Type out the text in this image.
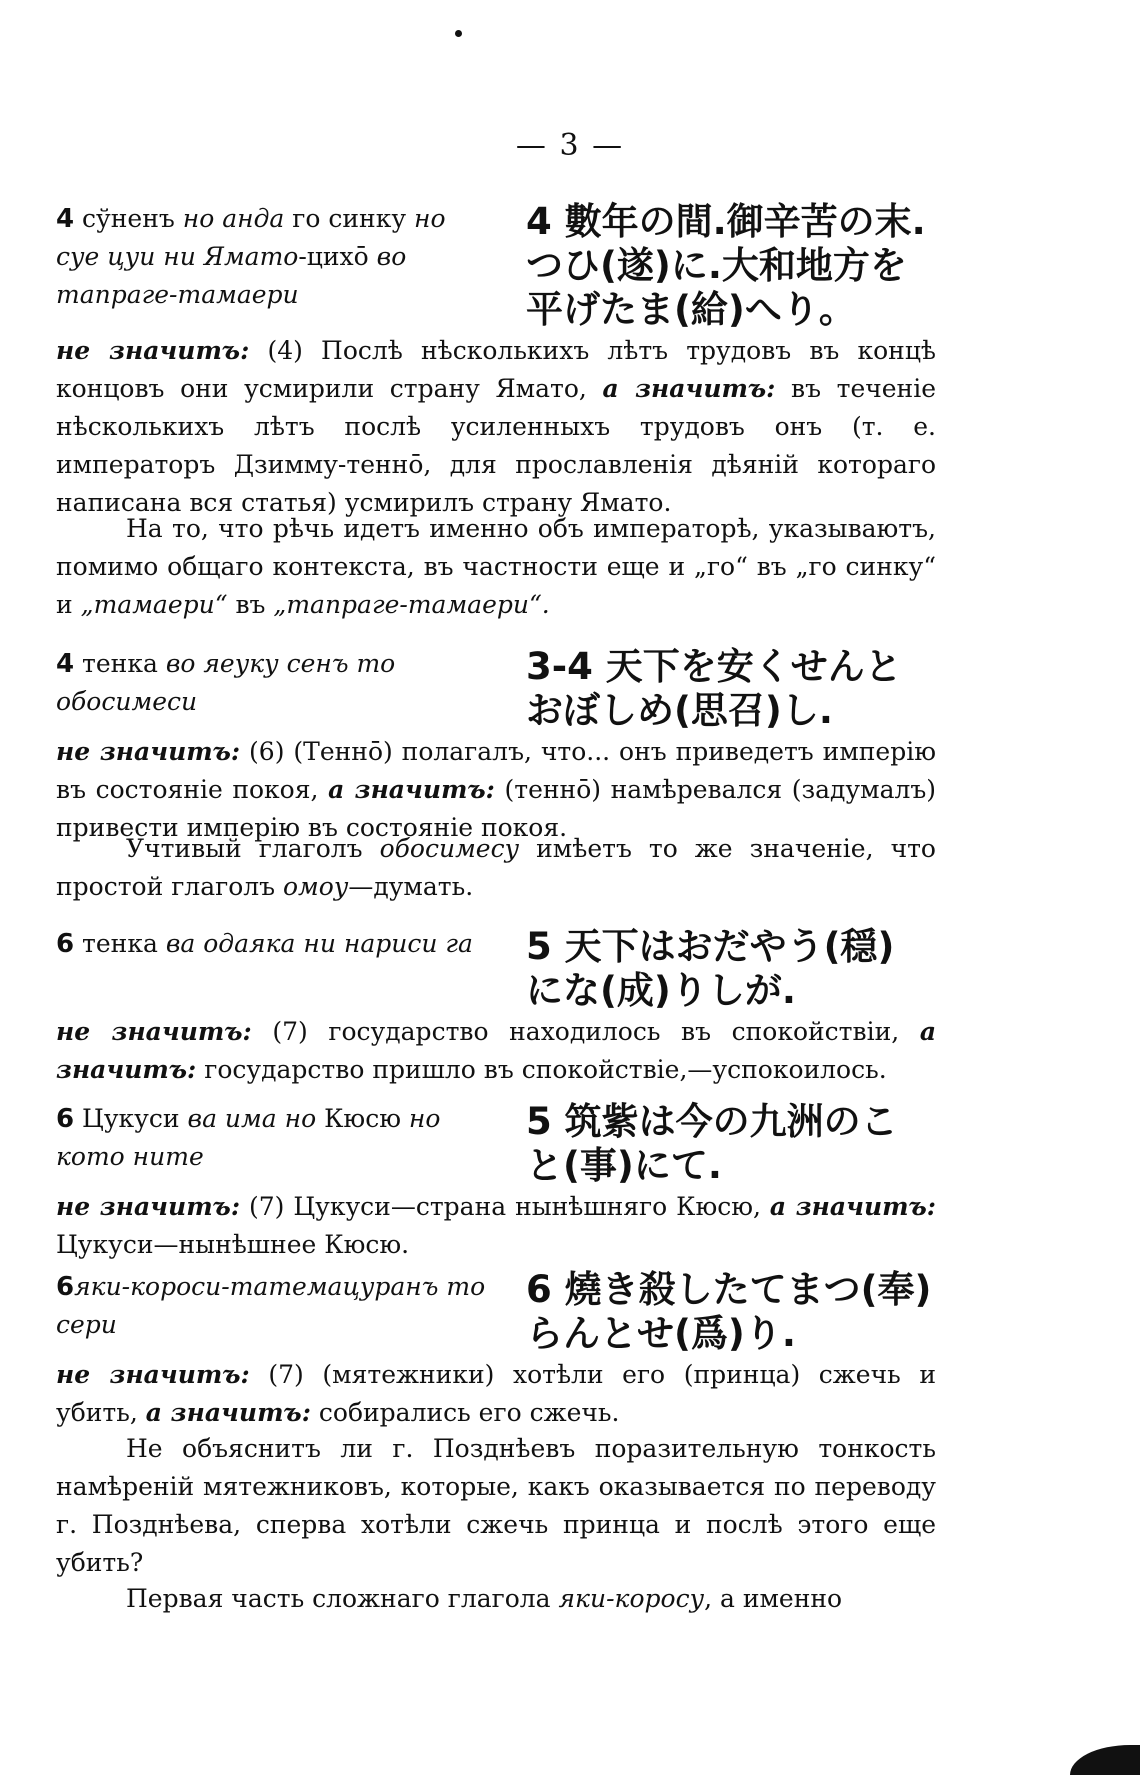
— 3 —
4 сўненъ но анда го синку но суе цуи ни Ямато-цихō во тапраге-тамаери
4 數年の間.御辛苦の末.
つひ(遂)に.大和地方を
平げたま(給)へり。

не значитъ: (4) Послѣ нѣсколькихъ лѣтъ трудовъ въ концѣ концовъ они усмирили страну Ямато, а значитъ: въ теченіе нѣсколькихъ лѣтъ послѣ усиленныхъ трудовъ онъ (т. е. императоръ Дзимму-теннō, для прославленія дѣяній котораго написана вся статья) усмирилъ страну Ямато.

На то, что рѣчь идетъ именно объ императорѣ, указываютъ, помимо общаго контекста, въ частности еще и „го“ въ „го синку“ и „тамаери“ въ „тапраге-тамаери“.

4 тенка во яеуку сенъ то обосимеси
3-4 天下を安くせんと
おぼしめ(思召)し.

не значитъ: (6) (Теннō) полагалъ, что... онъ приведетъ имперію въ состояніе покоя, а значитъ: (теннō) намѣревался (задумалъ) привести имперію въ состояніе покоя.

Учтивый глаголъ обосимесу имѣетъ то же значеніе, что простой глаголъ омоу—думать.

6 тенка ва одаяка ни нариси га	5 天下はおだやう(穏)
にな(成)りしが.

не значитъ: (7) государство находилось въ спокойствіи, а значитъ: государство пришло въ спокойствіе,—успокоилось.

6 Цукуси ва има но Кюсю но кото ните
5 筑紫は今の九洲のこ
と(事)にて.

не значитъ: (7) Цукуси—страна нынѣшняго Кюсю, а значитъ: Цукуси—нынѣшнее Кюсю.

6яки-короси-татемацуранъ то сери
6 燒き殺したてまつ(奉)
らんとせ(爲)り.

не значитъ: (7) (мятежники) хотѣли его (принца) сжечь и убить, а значитъ: собирались его сжечь.

Не объяснитъ ли г. Позднѣевъ поразительную тонкость намѣреній мятежниковъ, которые, какъ оказывается по переводу г. Позднѣева, сперва хотѣли сжечь принца и послѣ этого еще убить?

Первая часть сложнаго глагола яки-коросу, а именно
